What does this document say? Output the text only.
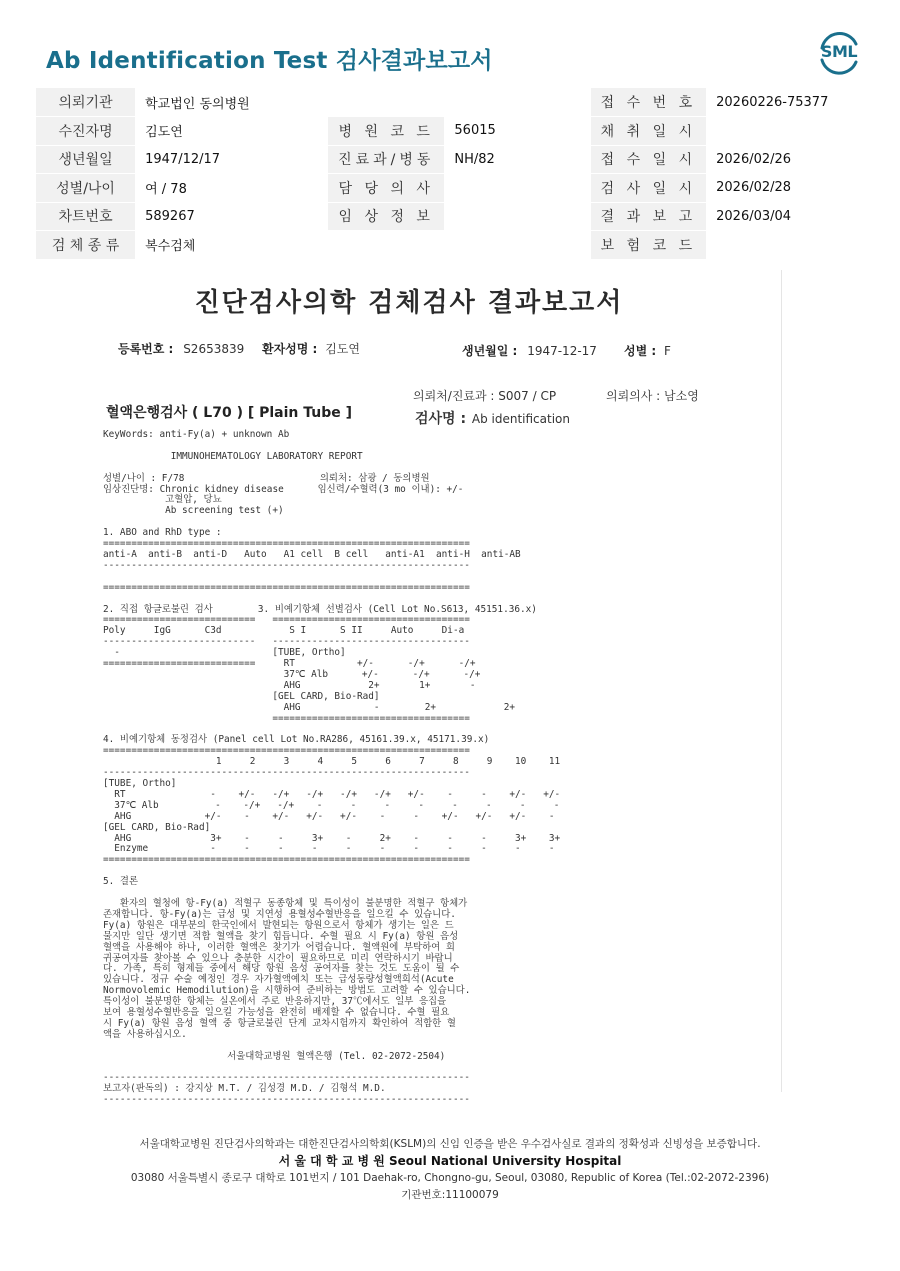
Ab Identification Test 검사결과보고서	SML
의뢰기관	학교법인 동의병원			접 수 번 호	20260226-75377
수진자명	김도연	병 원 코 드	56015	채 취 일 시	
생년월일	1947/12/17	진료과/병동	NH/82	접 수 일 시	2026/02/26
성별/나이	여 / 78	담 당 의 사		검 사 일 시	2026/02/28
차트번호	589267	임 상 정 보		결 과 보 고	2026/03/04
검 체 종 류	복수검체			보 험 코 드	
진단검사의학 검체검사 결과보고서
등록번호 : S2653839 환자성명 : 김도연	생년월일 : 1947-12-17 성별 : F
의뢰처/진료과 : S007 / CP	의뢰의사 : 남소영
혈액은행검사 ( L70 ) [ Plain Tube ]	검사명 : Ab identification
KeyWords: anti-Fy(a) + unknown Ab

IMMUNOHEMATOLOGY LABORATORY REPORT

성별/나이 : F/78                        의뢰처: 삼광 / 동의병원
임상진단명: Chronic kidney disease      임신력/수혈력(3 mo 이내): +/-
고혈압, 당뇨
Ab screening test (+)

1. ABO and RhD type :
=================================================================
anti-A  anti-B  anti-D   Auto   A1 cell  B cell   anti-A1  anti-H  anti-AB
-----------------------------------------------------------------

=================================================================

2. 직접 항글로불린 검사        3. 비예기항체 선별검사 (Cell Lot No.S613, 45151.36.x)
===========================   ===================================
Poly     IgG      C3d            S I      S II     Auto     Di-a
---------------------------   -----------------------------------
-                           [TUBE, Ortho]
===========================     RT           +/-      -/+      -/+
37℃ Alb      +/-      -/+      -/+
AHG            2+       1+       -
[GEL CARD, Bio-Rad]
AHG             -        2+            2+
===================================

4. 비예기항체 동정검사 (Panel cell Lot No.RA286, 45161.39.x, 45171.39.x)
=================================================================
1     2     3     4     5     6     7     8     9    10    11
-----------------------------------------------------------------
[TUBE, Ortho]
RT               -    +/-   -/+   -/+   -/+   -/+   +/-    -     -    +/-   +/-
37℃ Alb          -    -/+   -/+    -     -     -     -     -     -     -     -
AHG             +/-    -    +/-   +/-   +/-    -     -    +/-   +/-   +/-    -
[GEL CARD, Bio-Rad]
AHG              3+    -     -     3+    -     2+    -     -     -     3+    3+
Enzyme           -     -     -     -     -     -     -     -     -     -     -
=================================================================

5. 결론

환자의 혈청에 항-Fy(a) 적혈구 동종항체 및 특이성이 불분명한 적혈구 항체가
존재합니다. 항-Fy(a)는 급성 및 지연성 용혈성수혈반응을 일으킬 수 있습니다.
Fy(a) 항원은 대부분의 한국인에서 발현되는 항원으로서 항체가 생기는 일은 드
물지만 일단 생기면 적합 혈액을 찾기 힘듭니다. 수혈 필요 시 Fy(a) 항원 음성
혈액을 사용해야 하나, 이러한 혈액은 찾기가 어렵습니다. 혈액원에 부탁하여 희
귀공여자를 찾아볼 수 있으나 충분한 시간이 필요하므로 미리 연락하시기 바랍니
다. 가족, 특히 형제들 중에서 해당 항원 음성 공여자를 찾는 것도 도움이 될 수
있습니다. 정규 수술 예정인 경우 자가혈액예치 또는 급성동량성혈액희석(Acute
Normovolemic Hemodilution)을 시행하여 준비하는 방법도 고려할 수 있습니다.
특이성이 불분명한 항체는 실온에서 주로 반응하지만, 37℃에서도 일부 응집을
보여 용혈성수혈반응을 일으킬 가능성을 완전히 배제할 수 없습니다. 수혈 필요
시 Fy(a) 항원 음성 혈액 중 항글로불린 단계 교차시험까지 확인하여 적합한 혈
액을 사용하십시오.

서울대학교병원 혈액은행 (Tel. 02-2072-2504)

-----------------------------------------------------------------
보고자(판독의) : 강지상 M.T. / 김성경 M.D. / 김형석 M.D.
-----------------------------------------------------------------
서울대학교병원 진단검사의학과는 대한진단검사의학회(KSLM)의 신임 인증을 받은 우수검사실로 결과의 정확성과 신빙성을 보증합니다.
서 울 대 학 교 병 원 Seoul National University Hospital
03080 서울특별시 종로구 대학로 101번지 / 101 Daehak-ro, Chongno-gu, Seoul, 03080, Republic of Korea (Tel.:02-2072-2396)
기관번호:11100079
